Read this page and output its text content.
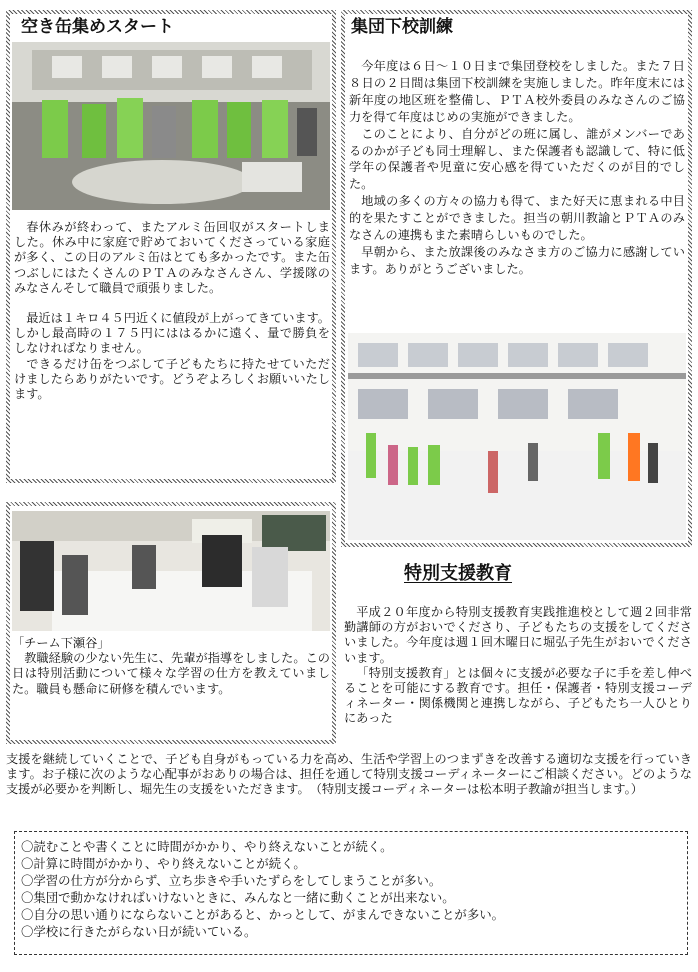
空き缶集めスタート

春休みが終わって、またアルミ缶回収がスタートしました。休み中に家庭で貯めておいてくださっている家庭が多く、この日のアルミ缶はとても多かったです。また缶つぶしにはたくさんのＰＴＡのみなさんさん、学援隊のみなさんそして職員で頑張りました。

最近は１キロ４５円近くに値段が上がってきています。しかし最高時の１７５円にははるかに遠く、量で勝負をしなければなりません。

できるだけ缶をつぶして子どもたちに持たせていただけましたらありがたいです。どうぞよろしくお願いいたします。

集団下校訓練

今年度は６日〜１０日まで集団登校をしました。また７日８日の２日間は集団下校訓練を実施しました。昨年度末には新年度の地区班を整備し、ＰＴＡ校外委員のみなさんのご協力を得て年度はじめの実施ができました。

このことにより、自分がどの班に属し、誰がメンバーであるのかが子ども同士理解し、また保護者も認識して、特に低学年の保護者や児童に安心感を得ていただくのが目的でした。

地域の多くの方々の協力も得て、また好天に恵まれる中目的を果たすことができました。担当の朝川教諭とＰＴＡのみなさんの連携もまた素晴らしいものでした。

早朝から、また放課後のみなさま方のご協力に感謝しています。ありがとうございました。

「チーム下瀬谷」

教職経験の少ない先生に、先輩が指導をしました。この日は特別活動について様々な学習の仕方を教えていました。職員も懸命に研修を積んでいます。

特別支援教育

平成２０年度から特別支援教育実践推進校として週２回非常勤講師の方がおいでくださり、子どもたちの支援をしてくださいました。今年度は週１回木曜日に堀弘子先生がおいでくださいます。

「特別支援教育」とは個々に支援が必要な子に手を差し伸べることを可能にする教育です。担任・保護者・特別支援コーディネーター・関係機関と連携しながら、子どもたち一人ひとりにあった

支援を継続していくことで、子ども自身がもっている力を高め、生活や学習上のつまずきを改善する適切な支援を行っていきます。お子様に次のような心配事がおありの場合は、担任を通して特別支援コーディネーターにご相談ください。どのような支援が必要かを判断し、堀先生の支援をいただきます。　（特別支援コーディネーターは松本明子教諭が担当します。）

〇読むことや書くことに時間がかかり、やり終えないことが続く。
〇計算に時間がかかり、やり終えないことが続く。
〇学習の仕方が分からず、立ち歩きや手いたずらをしてしまうことが多い。
〇集団で動かなければいけないときに、みんなと一緒に動くことが出来ない。
〇自分の思い通りにならないことがあると、かっとして、がまんできないことが多い。
〇学校に行きたがらない日が続いている。
